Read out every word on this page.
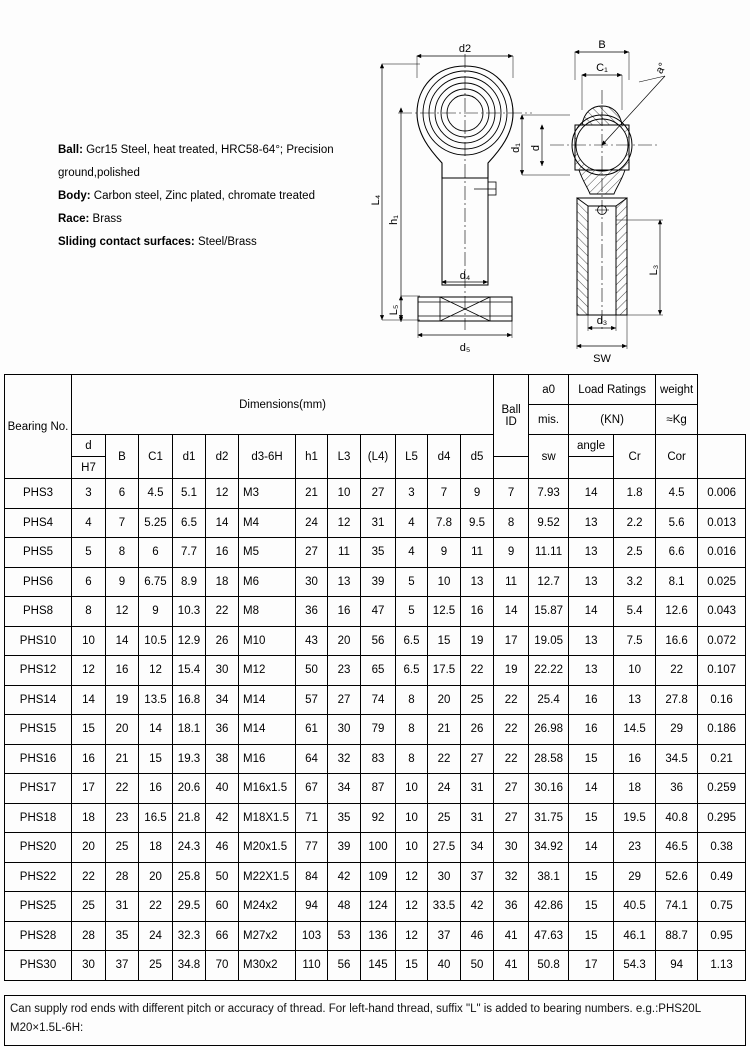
Ball: Gcr15 Steel, heat treated, HRC58-64°; Precision ground,polished
Body: Carbon steel, Zinc plated, chromate treated
Race: Brass
Sliding contact surfaces: Steel/Brass
d2
L₄
h₁
d₄
L₅
d₅
B
C₁	a°
d₁ d
L₃
d₃
SW
Bearing No.	Dimensions(mm)												Ball ID	a0	Load Ratings		weight	
														mis.	(KN)		≈Kg	
	d	B	C1	d1	d2	d3-6H	h1	L3	(L4)	L5	d4	d5		sw	angle	Cr	Cor	
	H7																	
PHS3	3	6	4.5	5.1	12	M3	21	10	27	3	7	9	7	7.93	14	1.8	4.5	0.006
PHS4	4	7	5.25	6.5	14	M4	24	12	31	4	7.8	9.5	8	9.52	13	2.2	5.6	0.013
PHS5	5	8	6	7.7	16	M5	27	11	35	4	9	11	9	11.11	13	2.5	6.6	0.016
PHS6	6	9	6.75	8.9	18	M6	30	13	39	5	10	13	11	12.7	13	3.2	8.1	0.025
PHS8	8	12	9	10.3	22	M8	36	16	47	5	12.5	16	14	15.87	14	5.4	12.6	0.043
PHS10	10	14	10.5	12.9	26	M10	43	20	56	6.5	15	19	17	19.05	13	7.5	16.6	0.072
PHS12	12	16	12	15.4	30	M12	50	23	65	6.5	17.5	22	19	22.22	13	10	22	0.107
PHS14	14	19	13.5	16.8	34	M14	57	27	74	8	20	25	22	25.4	16	13	27.8	0.16
PHS15	15	20	14	18.1	36	M14	61	30	79	8	21	26	22	26.98	16	14.5	29	0.186
PHS16	16	21	15	19.3	38	M16	64	32	83	8	22	27	22	28.58	15	16	34.5	0.21
PHS17	17	22	16	20.6	40	M16x1.5	67	34	87	10	24	31	27	30.16	14	18	36	0.259
PHS18	18	23	16.5	21.8	42	M18X1.5	71	35	92	10	25	31	27	31.75	15	19.5	40.8	0.295
PHS20	20	25	18	24.3	46	M20x1.5	77	39	100	10	27.5	34	30	34.92	14	23	46.5	0.38
PHS22	22	28	20	25.8	50	M22X1.5	84	42	109	12	30	37	32	38.1	15	29	52.6	0.49
PHS25	25	31	22	29.5	60	M24x2	94	48	124	12	33.5	42	36	42.86	15	40.5	74.1	0.75
PHS28	28	35	24	32.3	66	M27x2	103	53	136	12	37	46	41	47.63	15	46.1	88.7	0.95
PHS30	30	37	25	34.8	70	M30x2	110	56	145	15	40	50	41	50.8	17	54.3	94	1.13
Can supply rod ends with different pitch or accuracy of thread. For left-hand thread, suffix "L" is added to bearing numbers. e.g.:PHS20L M20×1.5L-6H:
